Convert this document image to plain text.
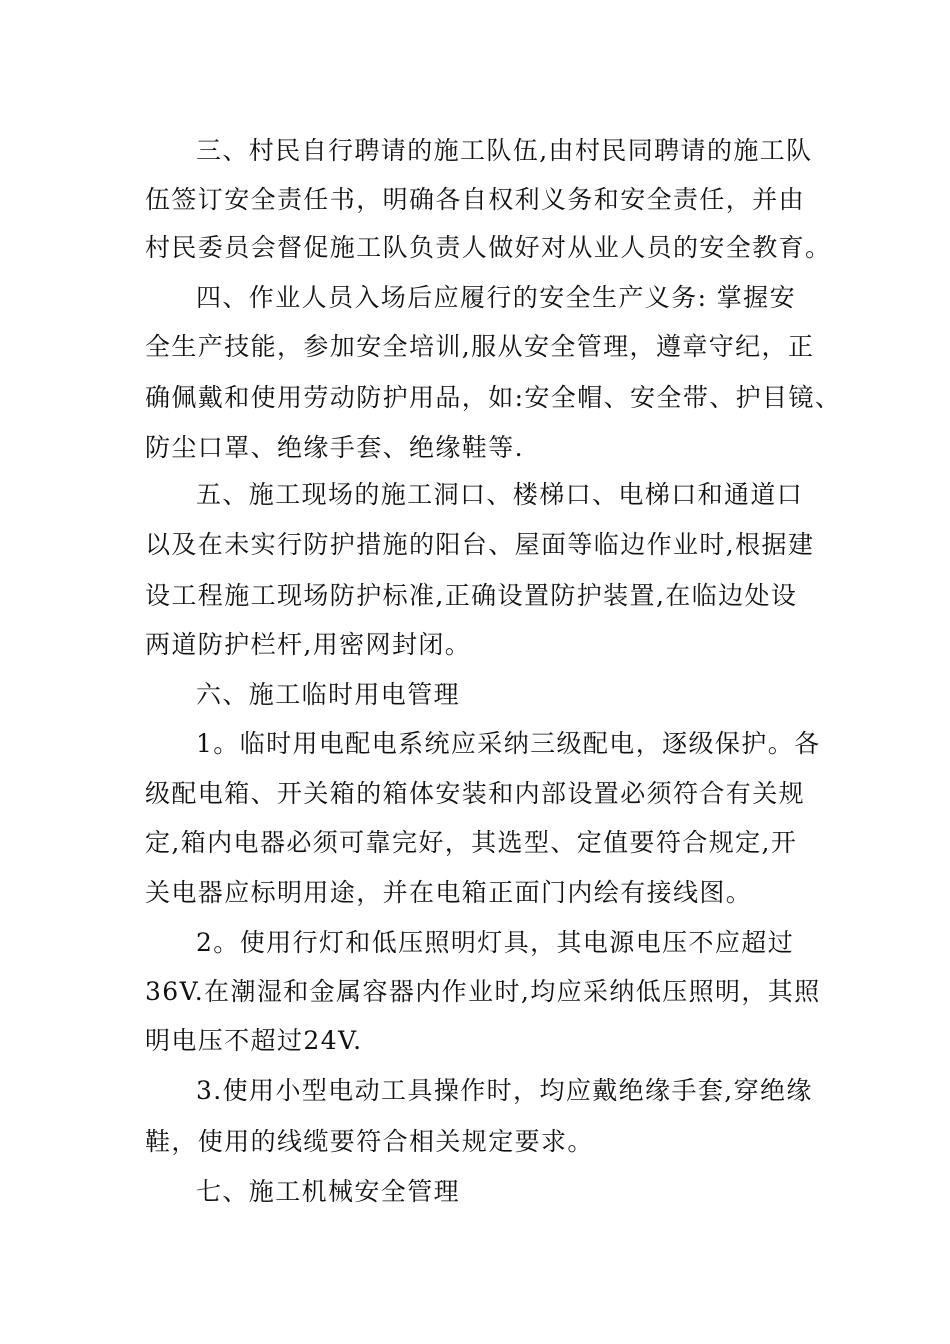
三、村民自行聘请的施工队伍,由村民同聘请的施工队
伍签订安全责任书，明确各自权利义务和安全责任，并由
村民委员会督促施工队负责人做好对从业人员的安全教育。
四、作业人员入场后应履行的安全生产义务: 掌握安
全生产技能，参加安全培训,服从安全管理，遵章守纪，正
确佩戴和使用劳动防护用品，如:安全帽、安全带、护目镜、
防尘口罩、绝缘手套、绝缘鞋等.
五、施工现场的施工洞口、楼梯口、电梯口和通道口
以及在未实行防护措施的阳台、屋面等临边作业时,根据建
设工程施工现场防护标准,正确设置防护装置,在临边处设
两道防护栏杆,用密网封闭。
六、施工临时用电管理
1。临时用电配电系统应采纳三级配电，逐级保护。各
级配电箱、开关箱的箱体安装和内部设置必须符合有关规
定,箱内电器必须可靠完好，其选型、定值要符合规定,开
关电器应标明用途，并在电箱正面门内绘有接线图。
2。使用行灯和低压照明灯具，其电源电压不应超过
36V.在潮湿和金属容器内作业时,均应采纳低压照明，其照
明电压不超过24V.
3.使用小型电动工具操作时，均应戴绝缘手套,穿绝缘
鞋，使用的线缆要符合相关规定要求。
七、施工机械安全管理
